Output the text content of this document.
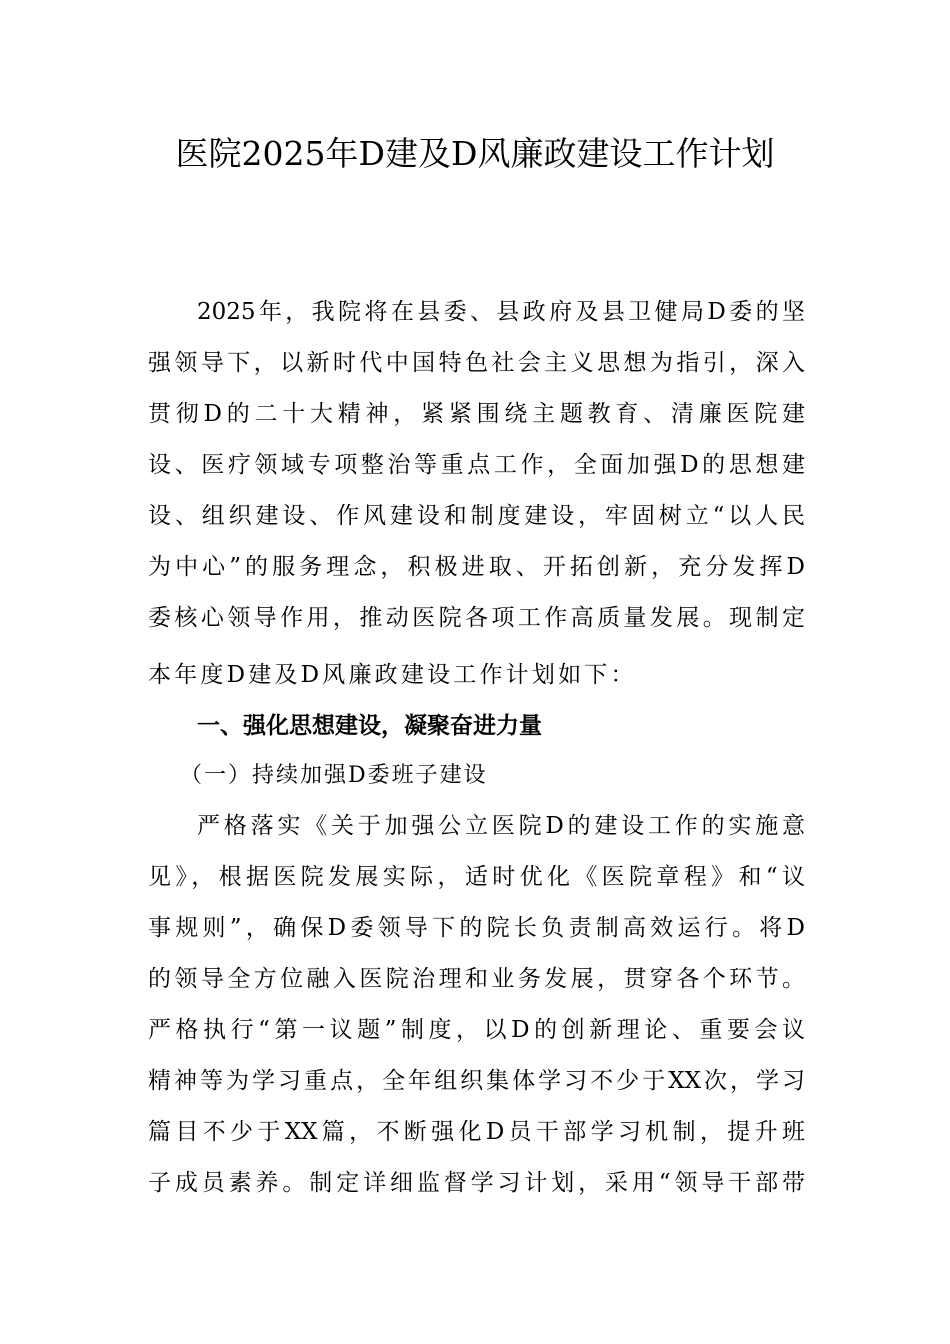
医院2025年D建及D风廉政建设工作计划
2025年，我院将在县委、县政府及县卫健局D委的坚
强领导下，以新时代中国特色社会主义思想为指引，深入
贯彻D的二十大精神，紧紧围绕主题教育、清廉医院建
设、医疗领域专项整治等重点工作，全面加强D的思想建
设、组织建设、作风建设和制度建设，牢固树立“以人民
为中心”的服务理念，积极进取、开拓创新，充分发挥D
委核心领导作用，推动医院各项工作高质量发展。现制定
本年度D建及D风廉政建设工作计划如下：
一、强化思想建设，凝聚奋进力量
（一）持续加强D委班子建设
严格落实《关于加强公立医院D的建设工作的实施意
见》，根据医院发展实际，适时优化《医院章程》和“议
事规则”，确保D委领导下的院长负责制高效运行。将D
的领导全方位融入医院治理和业务发展，贯穿各个环节。
严格执行“第一议题”制度，以D的创新理论、重要会议
精神等为学习重点，全年组织集体学习不少于XX次，学习
篇目不少于XX篇，不断强化D员干部学习机制，提升班
子成员素养。制定详细监督学习计划，采用“领导干部带
